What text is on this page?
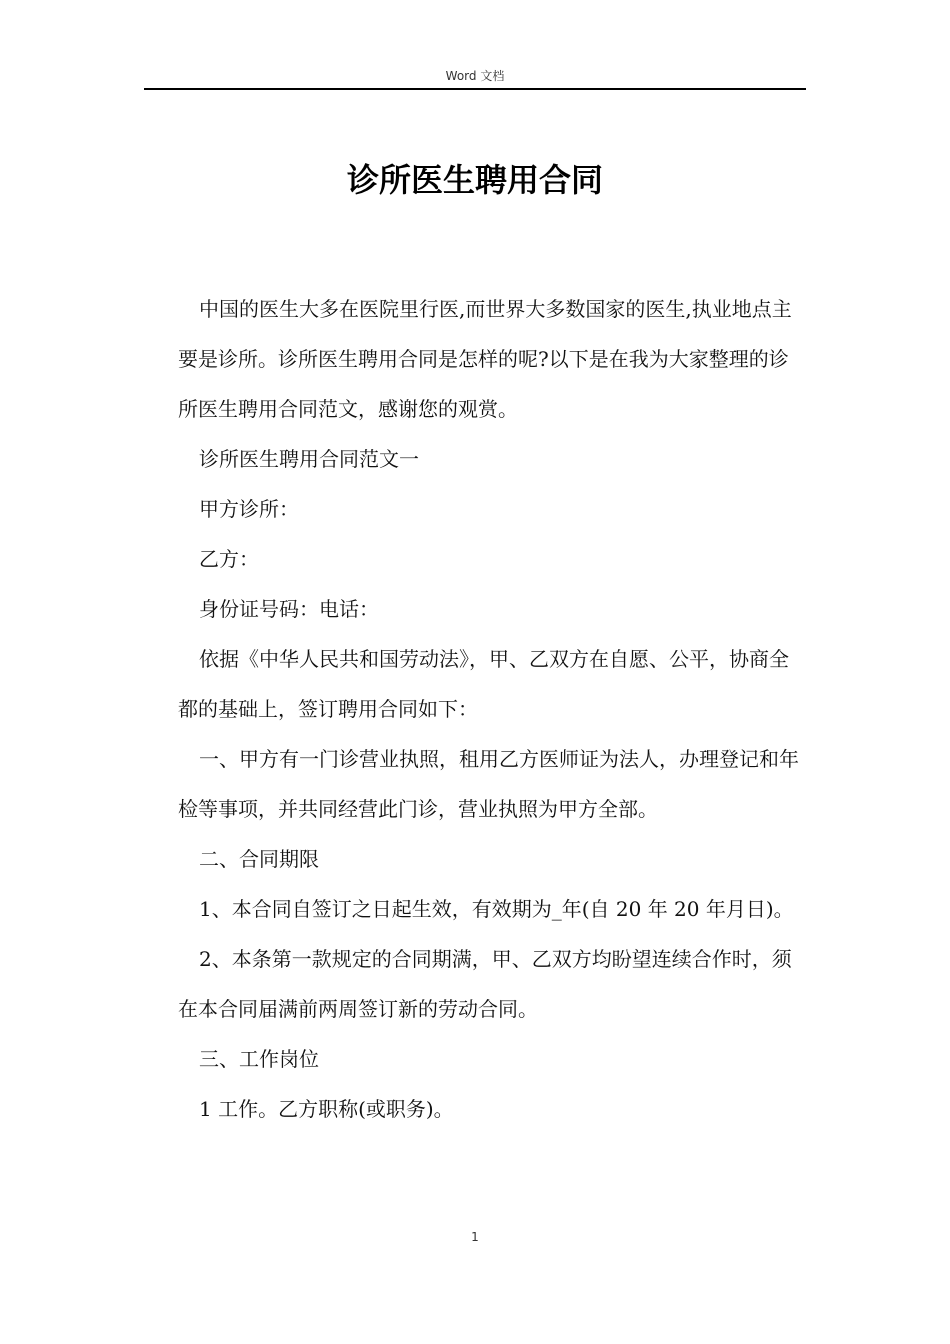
Word 文档
诊所医生聘用合同

中国的医生大多在医院里行医,而世界大多数国家的医生,执业地点主要是诊所。诊所医生聘用合同是怎样的呢?以下是在我为大家整理的诊所医生聘用合同范文，感谢您的观赏。

诊所医生聘用合同范文一

甲方诊所：

乙方：

身份证号码：电话：

依据《中华人民共和国劳动法》，甲、乙双方在自愿、公平，协商全都的基础上，签订聘用合同如下：

一、甲方有一门诊营业执照，租用乙方医师证为法人，办理登记和年检等事项，并共同经营此门诊，营业执照为甲方全部。

二、合同期限

1、本合同自签订之日起生效，有效期为_年(自 20 年 20 年月日)。

2、本条第一款规定的合同期满，甲、乙双方均盼望连续合作时，须在本合同届满前两周签订新的劳动合同。

三、工作岗位

1 工作。乙方职称(或职务)。

1
